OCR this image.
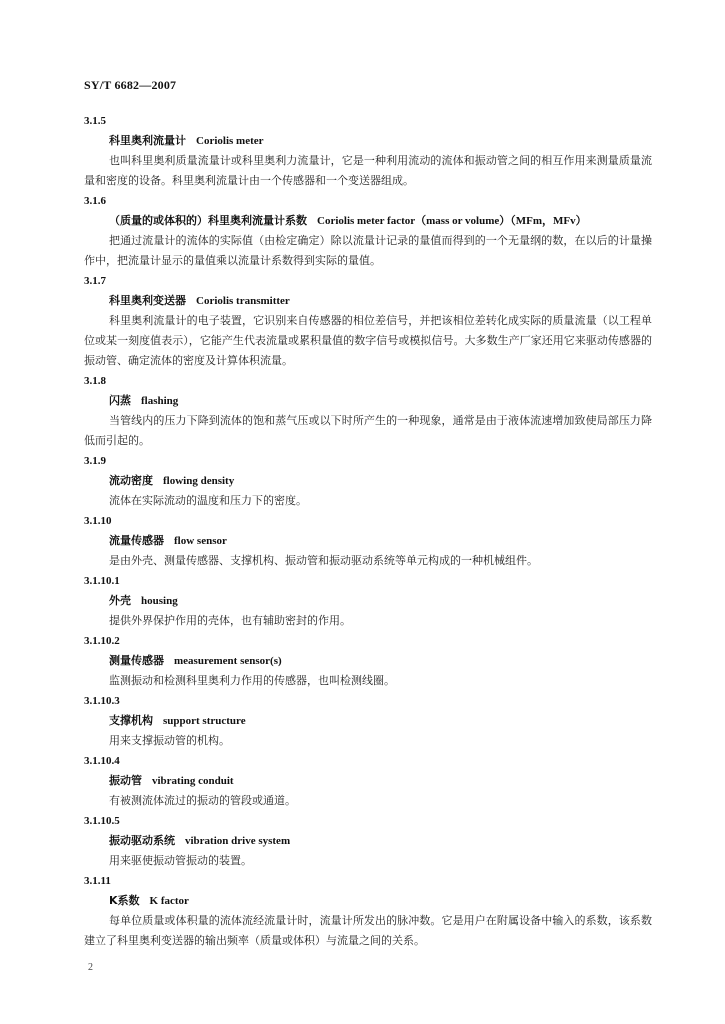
SY/T 6682—2007
3.1.5
科里奥利流量计 Coriolis meter
也叫科里奥利质量流量计或科里奥利力流量计，它是一种利用流动的流体和振动管之间的相互作用来测量质量流量和密度的设备。科里奥利流量计由一个传感器和一个变送器组成。
3.1.6
（质量的或体积的）科里奥利流量计系数 Coriolis meter factor（mass or volume）（MFm，MFv）
把通过流量计的流体的实际值（由检定确定）除以流量计记录的量值而得到的一个无量纲的数，在以后的计量操作中，把流量计显示的量值乘以流量计系数得到实际的量值。
3.1.7
科里奥利变送器 Coriolis transmitter
科里奥利流量计的电子装置，它识别来自传感器的相位差信号，并把该相位差转化成实际的质量流量（以工程单位或某一刻度值表示），它能产生代表流量或累积量值的数字信号或模拟信号。大多数生产厂家还用它来驱动传感器的振动管、确定流体的密度及计算体积流量。
3.1.8
闪蒸 flashing
当管线内的压力下降到流体的饱和蒸气压或以下时所产生的一种现象，通常是由于液体流速增加致使局部压力降低而引起的。
3.1.9
流动密度 flowing density
流体在实际流动的温度和压力下的密度。
3.1.10
流量传感器 flow sensor
是由外壳、测量传感器、支撑机构、振动管和振动驱动系统等单元构成的一种机械组件。
3.1.10.1
外壳 housing
提供外界保护作用的壳体，也有辅助密封的作用。
3.1.10.2
测量传感器 measurement sensor(s)
监测振动和检测科里奥利力作用的传感器，也叫检测线圈。
3.1.10.3
支撑机构 support structure
用来支撑振动管的机构。
3.1.10.4
振动管 vibrating conduit
有被测流体流过的振动的管段或通道。
3.1.10.5
振动驱动系统 vibration drive system
用来驱使振动管振动的装置。
3.1.11
K系数 K factor
每单位质量或体积量的流体流经流量计时，流量计所发出的脉冲数。它是用户在附属设备中输入的系数，该系数建立了科里奥利变送器的输出频率（质量或体积）与流量之间的关系。
2
